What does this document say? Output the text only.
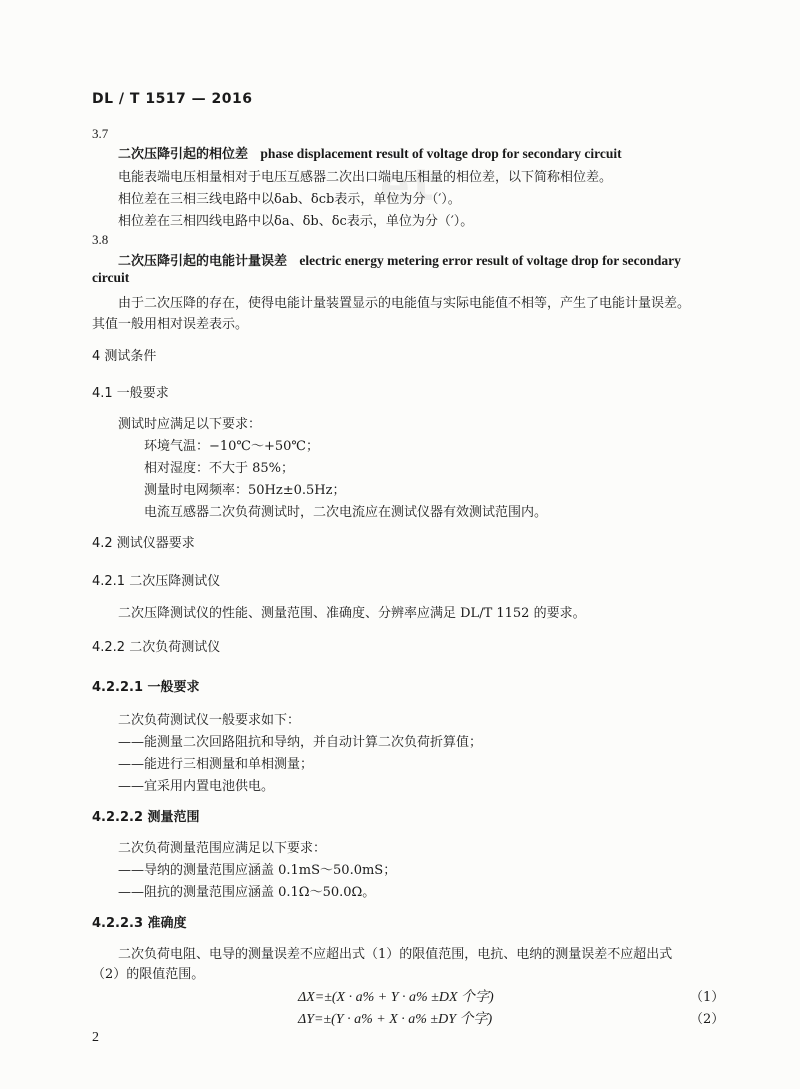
DL / T 1517 — 2016
et
3.7
二次压降引起的相位差 phase displacement result of voltage drop for secondary circuit
电能表端电压相量相对于电压互感器二次出口端电压相量的相位差，以下简称相位差。
相位差在三相三线电路中以δab、δcb表示，单位为分（′）。
相位差在三相四线电路中以δa、δb、δc表示，单位为分（′）。
3.8
二次压降引起的电能计量误差 electric energy metering error result of voltage drop for secondary
circuit
由于二次压降的存在，使得电能计量装置显示的电能值与实际电能值不相等，产生了电能计量误差。
其值一般用相对误差表示。
4 测试条件
4.1 一般要求
测试时应满足以下要求：
环境气温：−10℃～+50℃；
相对湿度：不大于 85%；
测量时电网频率：50Hz±0.5Hz；
电流互感器二次负荷测试时，二次电流应在测试仪器有效测试范围内。
4.2 测试仪器要求
4.2.1 二次压降测试仪
二次压降测试仪的性能、测量范围、准确度、分辨率应满足 DL/T 1152 的要求。
4.2.2 二次负荷测试仪
4.2.2.1 一般要求
二次负荷测试仪一般要求如下：
——能测量二次回路阻抗和导纳，并自动计算二次负荷折算值；
——能进行三相测量和单相测量；
——宜采用内置电池供电。
4.2.2.2 测量范围
二次负荷测量范围应满足以下要求：
——导纳的测量范围应涵盖 0.1mS～50.0mS；
——阻抗的测量范围应涵盖 0.1Ω～50.0Ω。
4.2.2.3 准确度
二次负荷电阻、电导的测量误差不应超出式（1）的限值范围，电抗、电纳的测量误差不应超出式
（2）的限值范围。
ΔX=±(X · a% + Y · a% ±DX 个字)	（1）
ΔY=±(Y · a% + X · a% ±DY 个字)	（2）
2
